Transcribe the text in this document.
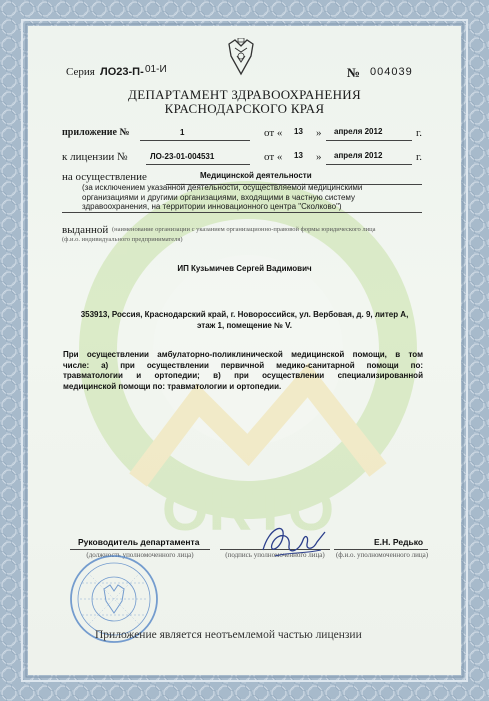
ORTO
Серия ЛО23-П- 01-И	№ 004039
ДЕПАРТАМЕНТ ЗДРАВООХРАНЕНИЯ
КРАСНОДАРСКОГО КРАЯ
приложение №	1	от « 13 » апреля 2012	г.
к лицензии №	ЛО-23-01-004531	от « 13 » апреля 2012	г.
на осуществление	Медицинской деятельности
(за исключением указанной деятельности, осуществляемой медицинскими
организациями и другими организациями, входящими в частную систему
здравоохранения, на территории инновационного центра "Сколково")
выданной (наименование организации с указанием организационно-правовой формы юридического лица
(ф.и.о. индивидуального предпринимателя)
ИП Кузьмичев Сергей Вадимович
353913, Россия, Краснодарский край, г. Новороссийск, ул. Вербовая, д. 9, литер А,
этаж 1, помещение № V.
При осуществлении амбулаторно-поликлинической медицинской помощи, в том
числе: а) при осуществлении первичной медико-санитарной помощи по:
травматологии и ортопедии; в) при осуществлении специализированной
медицинской помощи по: травматологии и ортопедии.
Руководитель департамента
(должность уполномоченного лица)	(подпись уполномоченного лица)
Е.Н. Редько
(ф.и.о. уполномоченного лица)
Приложение является неотъемлемой частью лицензии
